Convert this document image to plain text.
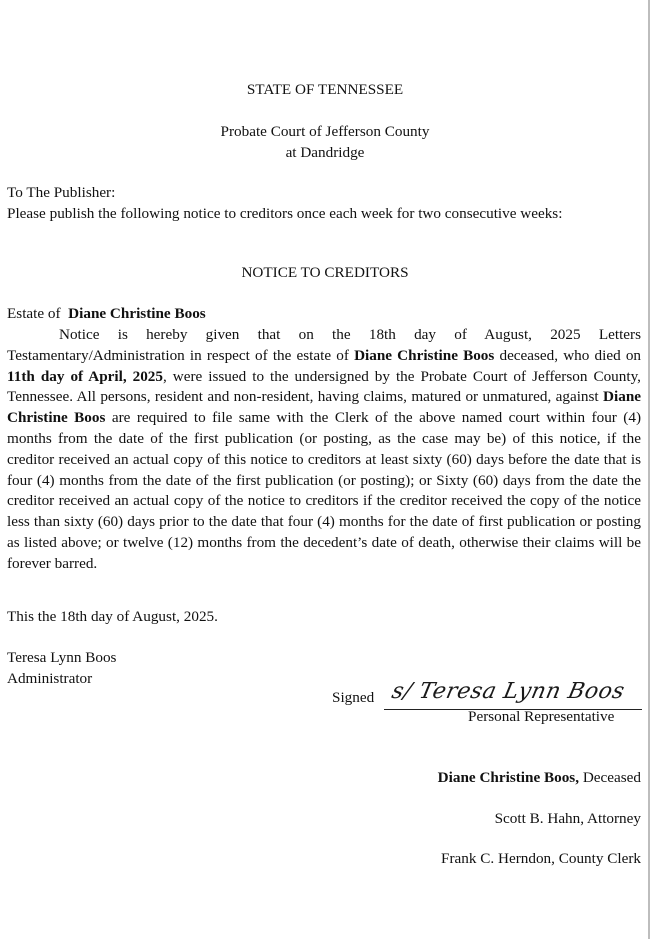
STATE OF TENNESSEE
Probate Court of Jefferson County
at Dandridge
To The Publisher:
Please publish the following notice to creditors once each week for two consecutive weeks:
NOTICE TO CREDITORS
Estate of Diane Christine Boos
Notice is hereby given that on the 18th day of August, 2025 Letters Testamentary/Administration in respect of the estate of Diane Christine Boos deceased, who died on 11th day of April, 2025, were issued to the undersigned by the Probate Court of Jefferson County, Tennessee. All persons, resident and non-resident, having claims, matured or unmatured, against Diane Christine Boos are required to file same with the Clerk of the above named court within four (4) months from the date of the first publication (or posting, as the case may be) of this notice, if the creditor received an actual copy of this notice to creditors at least sixty (60) days before the date that is four (4) months from the date of the first publication (or posting); or Sixty (60) days from the date the creditor received an actual copy of the notice to creditors if the creditor received the copy of the notice less than sixty (60) days prior to the date that four (4) months for the date of first publication or posting as listed above; or twelve (12) months from the decedent’s date of death, otherwise their claims will be forever barred.
This the 18th day of August, 2025.
Teresa Lynn Boos
Administrator
Signed s/ Teresa Lynn Boos
Personal Representative
Diane Christine Boos, Deceased
Scott B. Hahn, Attorney
Frank C. Herndon, County Clerk
